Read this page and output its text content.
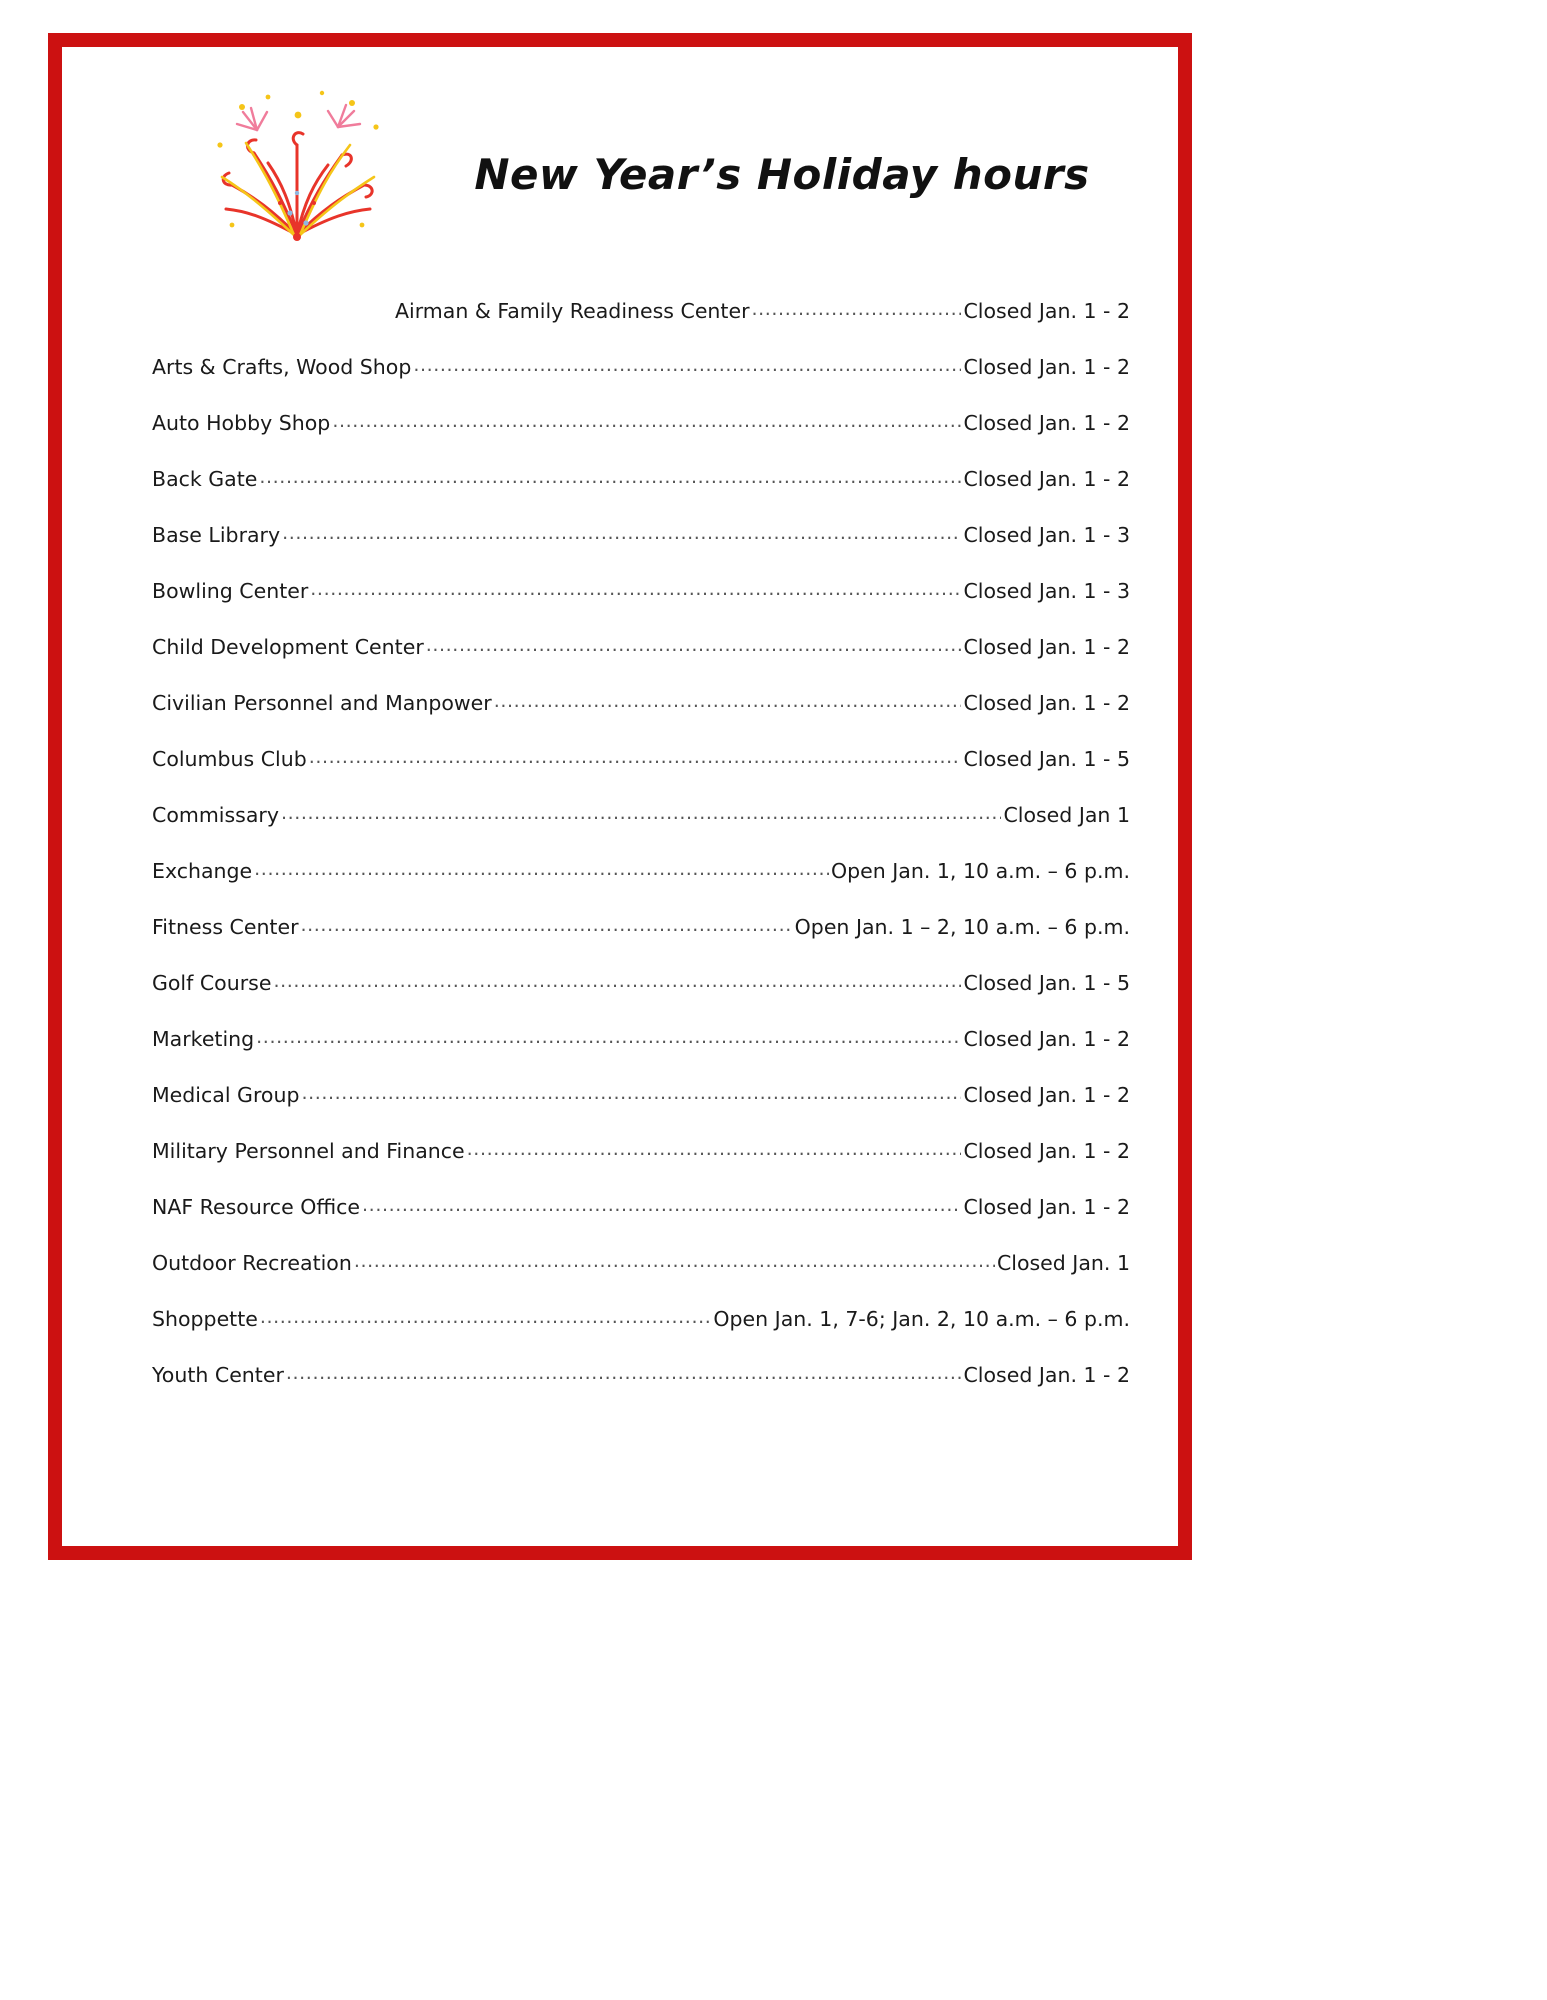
New Year’s Holiday hours
Airman & Family Readiness Center .....	Closed Jan. 1 - 2
Arts & Crafts, Wood Shop .....	Closed Jan. 1 - 2
Auto Hobby Shop .....	Closed Jan. 1 - 2
Back Gate .....	Closed Jan. 1 - 2
Base Library .....	Closed Jan. 1 - 3
Bowling Center .....	Closed Jan. 1 - 3
Child Development Center .....	Closed Jan. 1 - 2
Civilian Personnel and Manpower .....	Closed Jan. 1 - 2
Columbus Club .....	Closed Jan. 1 - 5
Commissary .....	Closed Jan 1
Exchange .....	Open Jan. 1, 10 a.m. – 6 p.m.
Fitness Center .....	Open Jan. 1 – 2, 10 a.m. – 6 p.m.
Golf Course .....	Closed Jan. 1 - 5
Marketing .....	Closed Jan. 1 - 2
Medical Group .....	Closed Jan. 1 - 2
Military Personnel and Finance .....	Closed Jan. 1 - 2
NAF Resource Office .....	Closed Jan. 1 - 2
Outdoor Recreation .....	Closed Jan. 1
Shoppette .....	Open Jan. 1, 7-6; Jan. 2, 10 a.m. – 6 p.m.
Youth Center .....	Closed Jan. 1 - 2
